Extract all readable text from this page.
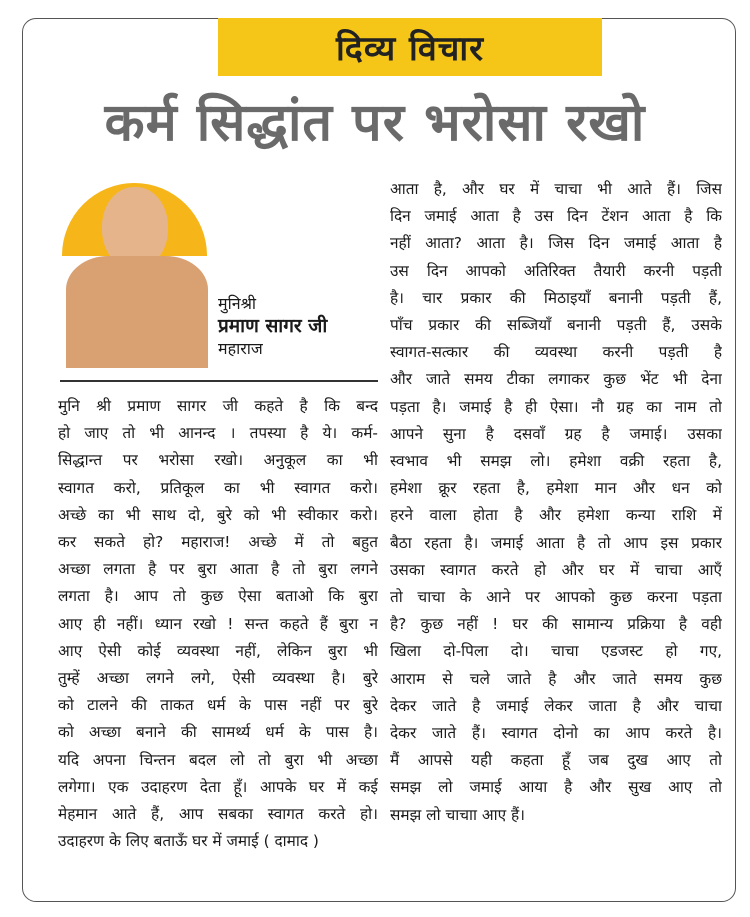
दिव्य विचार
कर्म सिद्धांत पर भरोसा रखो
मुनिश्री
प्रमाण सागर जी
महाराज
मुनि श्री प्रमाण सागर जी कहते है कि बन्द
हो जाए तो भी आनन्द । तपस्या है ये। कर्म-
सिद्धान्त पर भरोसा रखो। अनुकूल का भी
स्वागत करो, प्रतिकूल का भी स्वागत करो।
अच्छे का भी साथ दो, बुरे को भी स्वीकार करो।
कर सकते हो? महाराज! अच्छे में तो बहुत
अच्छा लगता है पर बुरा आता है तो बुरा लगने
लगता है। आप तो कुछ ऐसा बताओ कि बुरा
आए ही नहीं। ध्यान रखो ! सन्त कहते हैं बुरा न
आए ऐसी कोई व्यवस्था नहीं, लेकिन बुरा भी
तुम्हें अच्छा लगने लगे, ऐसी व्यवस्था है। बुरे
को टालने की ताकत धर्म के पास नहीं पर बुरे
को अच्छा बनाने की सामर्थ्य धर्म के पास है।
यदि अपना चिन्तन बदल लो तो बुरा भी अच्छा
लगेगा। एक उदाहरण देता हूँ। आपके घर में कई
मेहमान आते हैं, आप सबका स्वागत करते हो।
उदाहरण के लिए बताऊँ घर में जमाई ( दामाद )
आता है, और घर में चाचा भी आते हैं। जिस
दिन जमाई आता है उस दिन टेंशन आता है कि
नहीं आता? आता है। जिस दिन जमाई आता है
उस दिन आपको अतिरिक्त तैयारी करनी पड़ती
है। चार प्रकार की मिठाइयाँ बनानी पड़ती हैं,
पाँच प्रकार की सब्जियाँ बनानी पड़ती हैं, उसके
स्वागत-सत्कार की व्यवस्था करनी पड़ती है
और जाते समय टीका लगाकर कुछ भेंट भी देना
पड़ता है। जमाई है ही ऐसा। नौ ग्रह का नाम तो
आपने सुना है दसवाँ ग्रह है जमाई। उसका
स्वभाव भी समझ लो। हमेशा वक्री रहता है,
हमेशा क्रूर रहता है, हमेशा मान और धन को
हरने वाला होता है और हमेशा कन्या राशि में
बैठा रहता है। जमाई आता है तो आप इस प्रकार
उसका स्वागत करते हो और घर में चाचा आएँ
तो चाचा के आने पर आपको कुछ करना पड़ता
है? कुछ नहीं ! घर की सामान्य प्रक्रिया है वही
खिला दो-पिला दो। चाचा एडजस्ट हो गए,
आराम से चले जाते है और जाते समय कुछ
देकर जाते है जमाई लेकर जाता है और चाचा
देकर जाते हैं। स्वागत दोनो का आप करते है।
मैं आपसे यही कहता हूँ जब दुख आए तो
समझ लो जमाई आया है और सुख आए तो
समझ लो चाचाा आए हैं।
